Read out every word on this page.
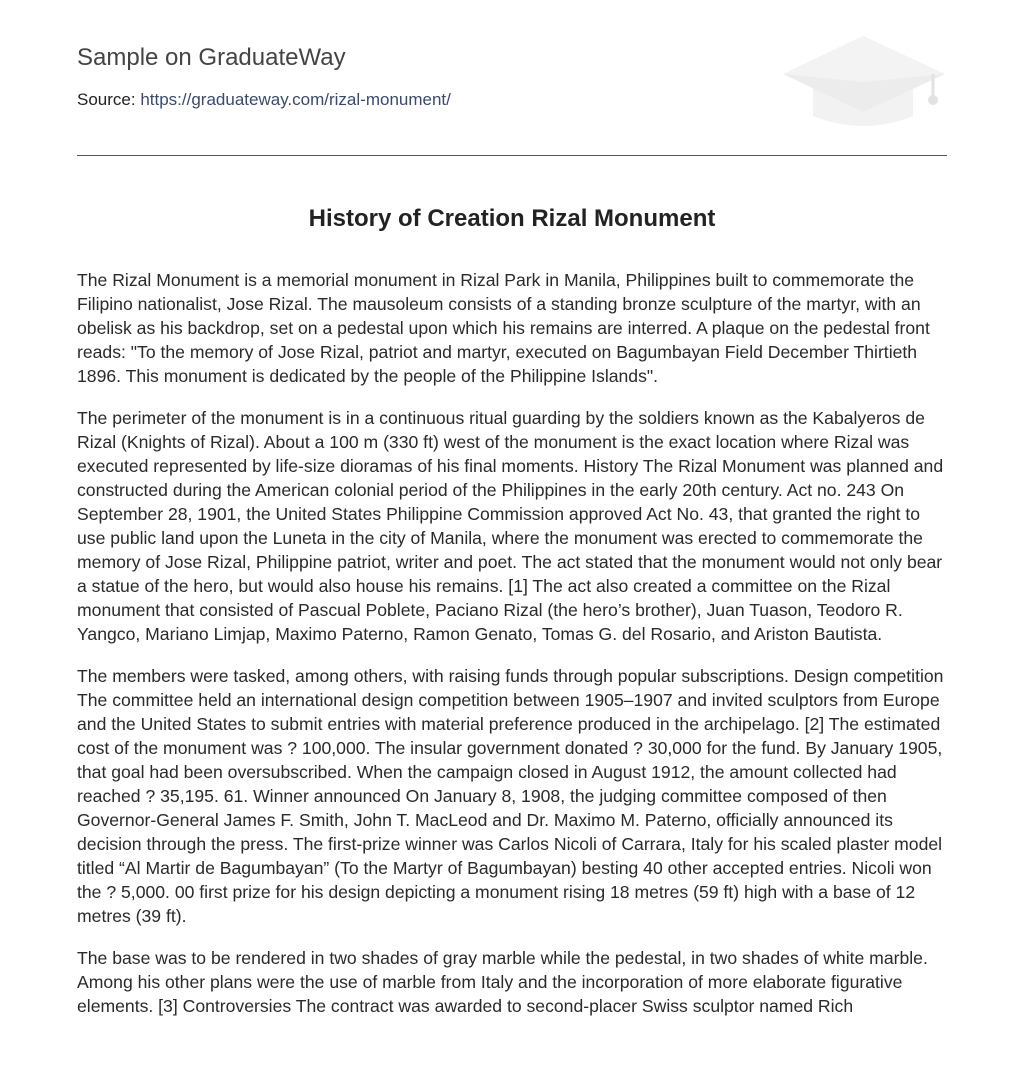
Sample on GraduateWay
Source: https://graduateway.com/rizal-monument/
History of Creation Rizal Monument

The Rizal Monument is a memorial monument in Rizal Park in Manila, Philippines built to commemorate the Filipino nationalist, Jose Rizal. The mausoleum consists of a standing bronze sculpture of the martyr, with an obelisk as his backdrop, set on a pedestal upon which his remains are interred. A plaque on the pedestal front reads: "To the memory of Jose Rizal, patriot and martyr, executed on Bagumbayan Field December Thirtieth 1896. This monument is dedicated by the people of the Philippine Islands".

The perimeter of the monument is in a continuous ritual guarding by the soldiers known as the Kabalyeros de Rizal (Knights of Rizal). About a 100 m (330 ft) west of the monument is the exact location where Rizal was executed represented by life-size dioramas of his final moments. History The Rizal Monument was planned and constructed during the American colonial period of the Philippines in the early 20th century. Act no. 243 On September 28, 1901, the United States Philippine Commission approved Act No. 43, that granted the right to use public land upon the Luneta in the city of Manila, where the monument was erected to commemorate the memory of Jose Rizal, Philippine patriot, writer and poet. The act stated that the monument would not only bear a statue of the hero, but would also house his remains. [1] The act also created a committee on the Rizal monument that consisted of Pascual Poblete, Paciano Rizal (the hero’s brother), Juan Tuason, Teodoro R. Yangco, Mariano Limjap, Maximo Paterno, Ramon Genato, Tomas G. del Rosario, and Ariston Bautista.

The members were tasked, among others, with raising funds through popular subscriptions. Design competition The committee held an international design competition between 1905–1907 and invited sculptors from Europe and the United States to submit entries with material preference produced in the archipelago. [2] The estimated cost of the monument was ? 100,000. The insular government donated ? 30,000 for the fund. By January 1905, that goal had been oversubscribed. When the campaign closed in August 1912, the amount collected had reached ? 35,195. 61. Winner announced On January 8, 1908, the judging committee composed of then Governor-General James F. Smith, John T. MacLeod and Dr. Maximo M. Paterno, officially announced its decision through the press. The first-prize winner was Carlos Nicoli of Carrara, Italy for his scaled plaster model titled “Al Martir de Bagumbayan” (To the Martyr of Bagumbayan) besting 40 other accepted entries. Nicoli won the ? 5,000. 00 first prize for his design depicting a monument rising 18 metres (59 ft) high with a base of 12 metres (39 ft).

The base was to be rendered in two shades of gray marble while the pedestal, in two shades of white marble. Among his other plans were the use of marble from Italy and the incorporation of more elaborate figurative elements. [3] Controversies The contract was awarded to second-placer Swiss sculptor named Rich
